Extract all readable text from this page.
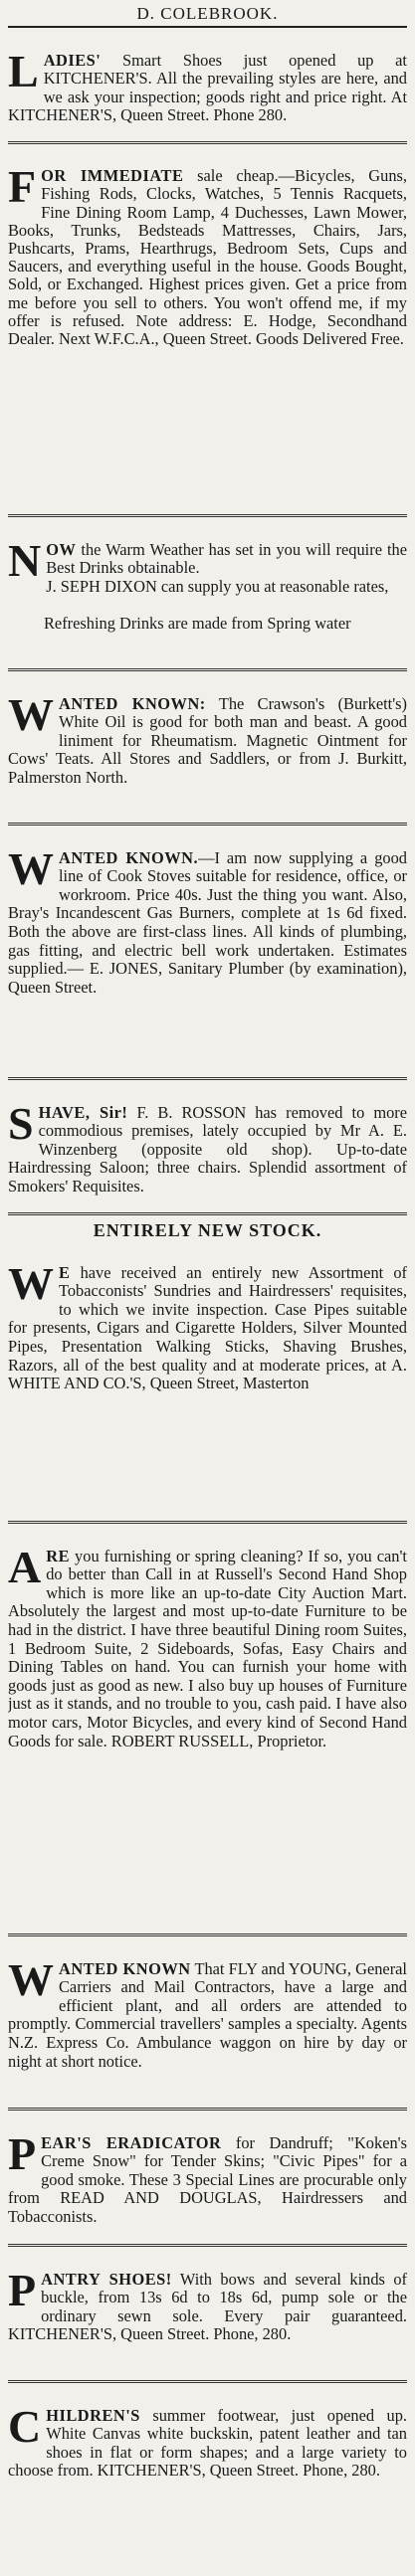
D. COLEBROOK.

LADIES' Smart Shoes just opened up at KITCHENER'S. All the prevailing styles are here, and we ask your inspection; goods right and price right. At KITCHENER'S, Queen Street. Phone 280.

FOR IMMEDIATE sale cheap.—Bicycles, Guns, Fishing Rods, Clocks, Watches, 5 Tennis Racquets, Fine Dining Room Lamp, 4 Duchesses, Lawn Mower, Books, Trunks, Bedsteads Mattresses, Chairs, Jars, Pushcarts, Prams, Hearthrugs, Bedroom Sets, Cups and Saucers, and everything useful in the house. Goods Bought, Sold, or Exchanged. Highest prices given. Get a price from me before you sell to others. You won't offend me, if my offer is refused. Note address: E. Hodge, Secondhand Dealer. Next W.F.C.A., Queen Street. Goods Delivered Free.

NOW the Warm Weather has set in you will require the Best Drinks obtainable.

J. SEPH DIXON can supply you at reasonable rates,

Refreshing Drinks are made from Spring water

WANTED KNOWN: The Crawson's (Burkett's) White Oil is good for both man and beast. A good liniment for Rheumatism. Magnetic Ointment for Cows' Teats. All Stores and Saddlers, or from J. Burkitt, Palmerston North.

WANTED KNOWN.—I am now supplying a good line of Cook Stoves suitable for residence, office, or workroom. Price 40s. Just the thing you want. Also, Bray's Incandescent Gas Burners, complete at 1s 6d fixed. Both the above are first-class lines. All kinds of plumbing, gas fitting, and electric bell work undertaken. Estimates supplied.— E. JONES, Sanitary Plumber (by examination), Queen Street.

SHAVE, Sir! F. B. ROSSON has removed to more commodious premises, lately occupied by Mr A. E. Winzenberg (opposite old shop). Up-to-date Hairdressing Saloon; three chairs. Splendid assortment of Smokers' Requisites.

ENTIRELY NEW STOCK.

W E have received an entirely new Assortment of Tobacconists' Sundries and Hairdressers' requisites, to which we invite inspection. Case Pipes suitable for presents, Cigars and Cigarette Holders, Silver Mounted Pipes, Presentation Walking Sticks, Shaving Brushes, Razors, all of the best quality and at moderate prices, at A. WHITE AND CO.'S, Queen Street, Masterton

ARE you furnishing or spring cleaning? If so, you can't do better than Call in at Russell's Second Hand Shop which is more like an up-to-date City Auction Mart. Absolutely the largest and most up-to-date Furniture to be had in the district. I have three beautiful Dining room Suites, 1 Bedroom Suite, 2 Sideboards, Sofas, Easy Chairs and Dining Tables on hand. You can furnish your home with goods just as good as new. I also buy up houses of Furniture just as it stands, and no trouble to you, cash paid. I have also motor cars, Motor Bicycles, and every kind of Second Hand Goods for sale. ROBERT RUSSELL, Proprietor.

WANTED KNOWN That FLY and YOUNG, General Carriers and Mail Contractors, have a large and efficient plant, and all orders are attended to promptly. Commercial travellers' samples a specialty. Agents N.Z. Express Co. Ambulance waggon on hire by day or night at short notice.

PEAR'S ERADICATOR for Dandruff; "Koken's Creme Snow" for Tender Skins; "Civic Pipes" for a good smoke. These 3 Special Lines are procurable only from READ AND DOUGLAS, Hairdressers and Tobacconists.

PANTRY SHOES! With bows and several kinds of buckle, from 13s 6d to 18s 6d, pump sole or the ordinary sewn sole. Every pair guaranteed. KITCHENER'S, Queen Street. Phone, 280.

CHILDREN'S summer footwear, just opened up. White Canvas white buckskin, patent leather and tan shoes in flat or form shapes; and a large variety to choose from. KITCHENER'S, Queen Street. Phone, 280.
